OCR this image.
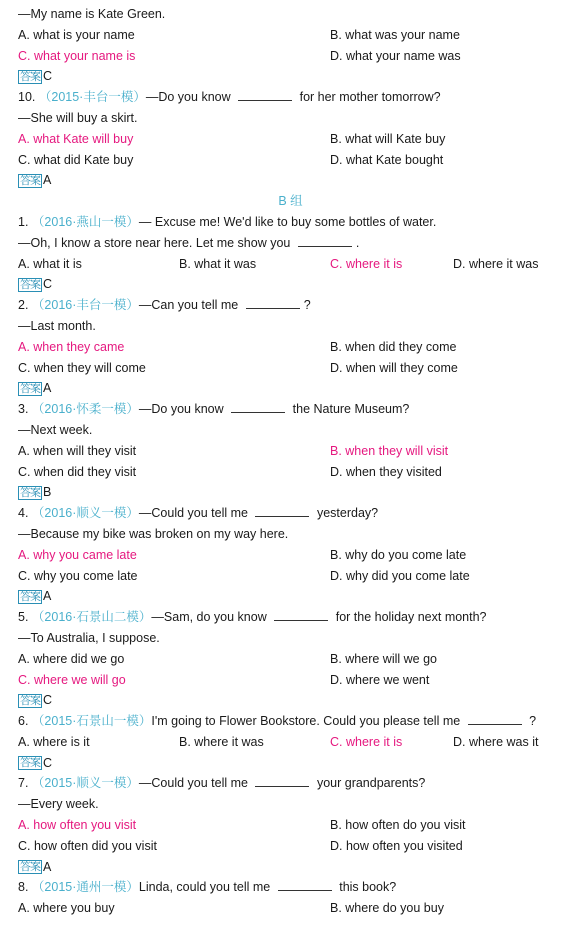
—My name is Kate Green.
A. what is your name	B. what was your name
C. what your name is	D. what your name was
答案 C
10. （2015·丰台一模）—Do you know	for her mother tomorrow?
—She will buy a skirt.
A. what Kate will buy	B. what will Kate buy
C. what did Kate buy	D. what Kate bought
答案 A
B 组
1. （2016·燕山一模）— Excuse me! We'd like to buy some bottles of water.
—Oh, I know a store near here. Let me show you	.
A. what it is	B. what it was	C. where it is	D. where it was
答案 C
2. （2016·丰台一模）—Can you tell me	?
—Last month.
A. when they came	B. when did they come
C. when they will come	D. when will they come
答案 A
3. （2016·怀柔一模）—Do you know	the Nature Museum?
—Next week.
A. when will they visit	B. when they will visit
C. when did they visit	D. when they visited
答案 B
4. （2016·顺义一模）—Could you tell me	yesterday?
—Because my bike was broken on my way here.
A. why you came late	B. why do you come late
C. why you come late	D. why did you come late
答案 A
5. （2016·石景山二模）—Sam, do you know	for the holiday next month?
—To Australia, I suppose.
A. where did we go	B. where will we go
C. where we will go	D. where we went
答案 C
6. （2015·石景山一模）I'm going to Flower Bookstore. Could you please tell me	?
A. where is it	B. where it was	C. where it is	D. where was it
答案 C
7. （2015·顺义一模）—Could you tell me	your grandparents?
—Every week.
A. how often you visit	B. how often do you visit
C. how often did you visit	D. how often you visited
答案 A
8. （2015·通州一模）Linda, could you tell me	this book?
A. where you buy	B. where do you buy
